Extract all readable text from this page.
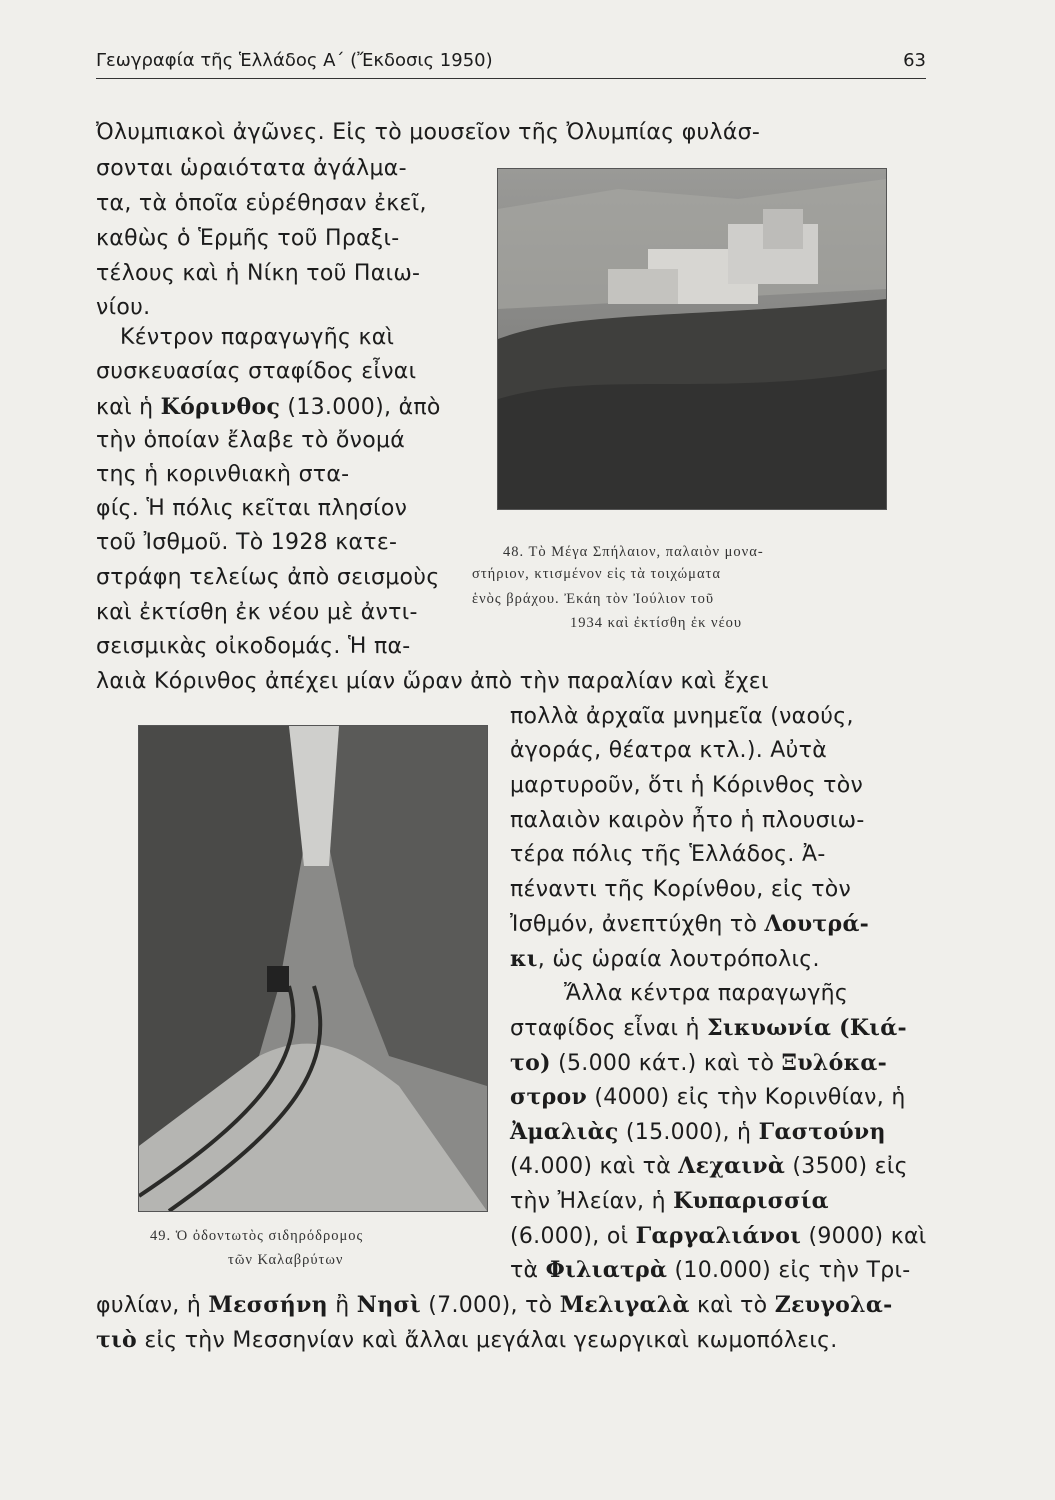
Γεωγραφία τῆς Ἑλλάδος Α΄ (Ἔκδοσις 1950)	63
48. Τὸ Μέγα Σπήλαιον, παλαιὸν μονα-
στήριον, κτισμένον εἰς τὰ τοιχώματα
ἑνὸς βράχου. Ἐκάη τὸν Ἰούλιον τοῦ
1934 καὶ ἐκτίσθη ἐκ νέου
49. Ὁ ὀδοντωτὸς σιδηρόδρομος
τῶν Καλαβρύτων
Ὀλυμπιακοὶ ἀγῶνες. Εἰς τὸ μουσεῖον τῆς Ὀλυμπίας φυλάσ-
σονται ὡραιότατα ἀγάλμα-
τα, τὰ ὁποῖα εὑρέθησαν ἐκεῖ,
καθὼς ὁ Ἑρμῆς τοῦ Πραξι-
τέλους καὶ ἡ Νίκη τοῦ Παιω-
νίου.
Κέντρον παραγωγῆς καὶ
συσκευασίας σταφίδος εἶναι
καὶ ἡ Κόρινθος (13.000), ἀπὸ
τὴν ὁποίαν ἔλαβε τὸ ὄνομά
της ἡ κορινθιακὴ στα-
φίς. Ἡ πόλις κεῖται πλησίον
τοῦ Ἰσθμοῦ. Τὸ 1928 κατε-
στράφη τελείως ἀπὸ σεισμοὺς
καὶ ἐκτίσθη ἐκ νέου μὲ ἀντι-
σεισμικὰς οἰκοδομάς. Ἡ πα-
λαιὰ Κόρινθος ἀπέχει μίαν ὥραν ἀπὸ τὴν παραλίαν καὶ ἔχει
πολλὰ ἀρχαῖα μνημεῖα (ναούς,
ἀγοράς, θέατρα κτλ.). Αὐτὰ
μαρτυροῦν, ὅτι ἡ Κόρινθος τὸν
παλαιὸν καιρὸν ἦτο ἡ πλουσιω-
τέρα πόλις τῆς Ἑλλάδος. Ἀ-
πέναντι τῆς Κορίνθου, εἰς τὸν
Ἰσθμόν, ἀνεπτύχθη τὸ Λουτρά-
κι, ὡς ὡραία λουτρόπολις.
Ἄλλα κέντρα παραγωγῆς
σταφίδος εἶναι ἡ Σικυωνία (Κιά-
το) (5.000 κάτ.) καὶ τὸ Ξυλόκα-
στρον (4000) εἰς τὴν Κορινθίαν, ἡ
Ἀμαλιὰς (15.000), ἡ Γαστούνη
(4.000) καὶ τὰ Λεχαινὰ (3500) εἰς
τὴν Ἠλείαν, ἡ Κυπαρισσία
(6.000), οἱ Γαργαλιάνοι (9000) καὶ
τὰ Φιλιατρὰ (10.000) εἰς τὴν Τρι-
φυλίαν, ἡ Μεσσήνη ἢ Νησὶ (7.000), τὸ Μελιγαλὰ καὶ τὸ Ζευγολα-
τιὸ εἰς τὴν Μεσσηνίαν καὶ ἄλλαι μεγάλαι γεωργικαὶ κωμοπόλεις.
